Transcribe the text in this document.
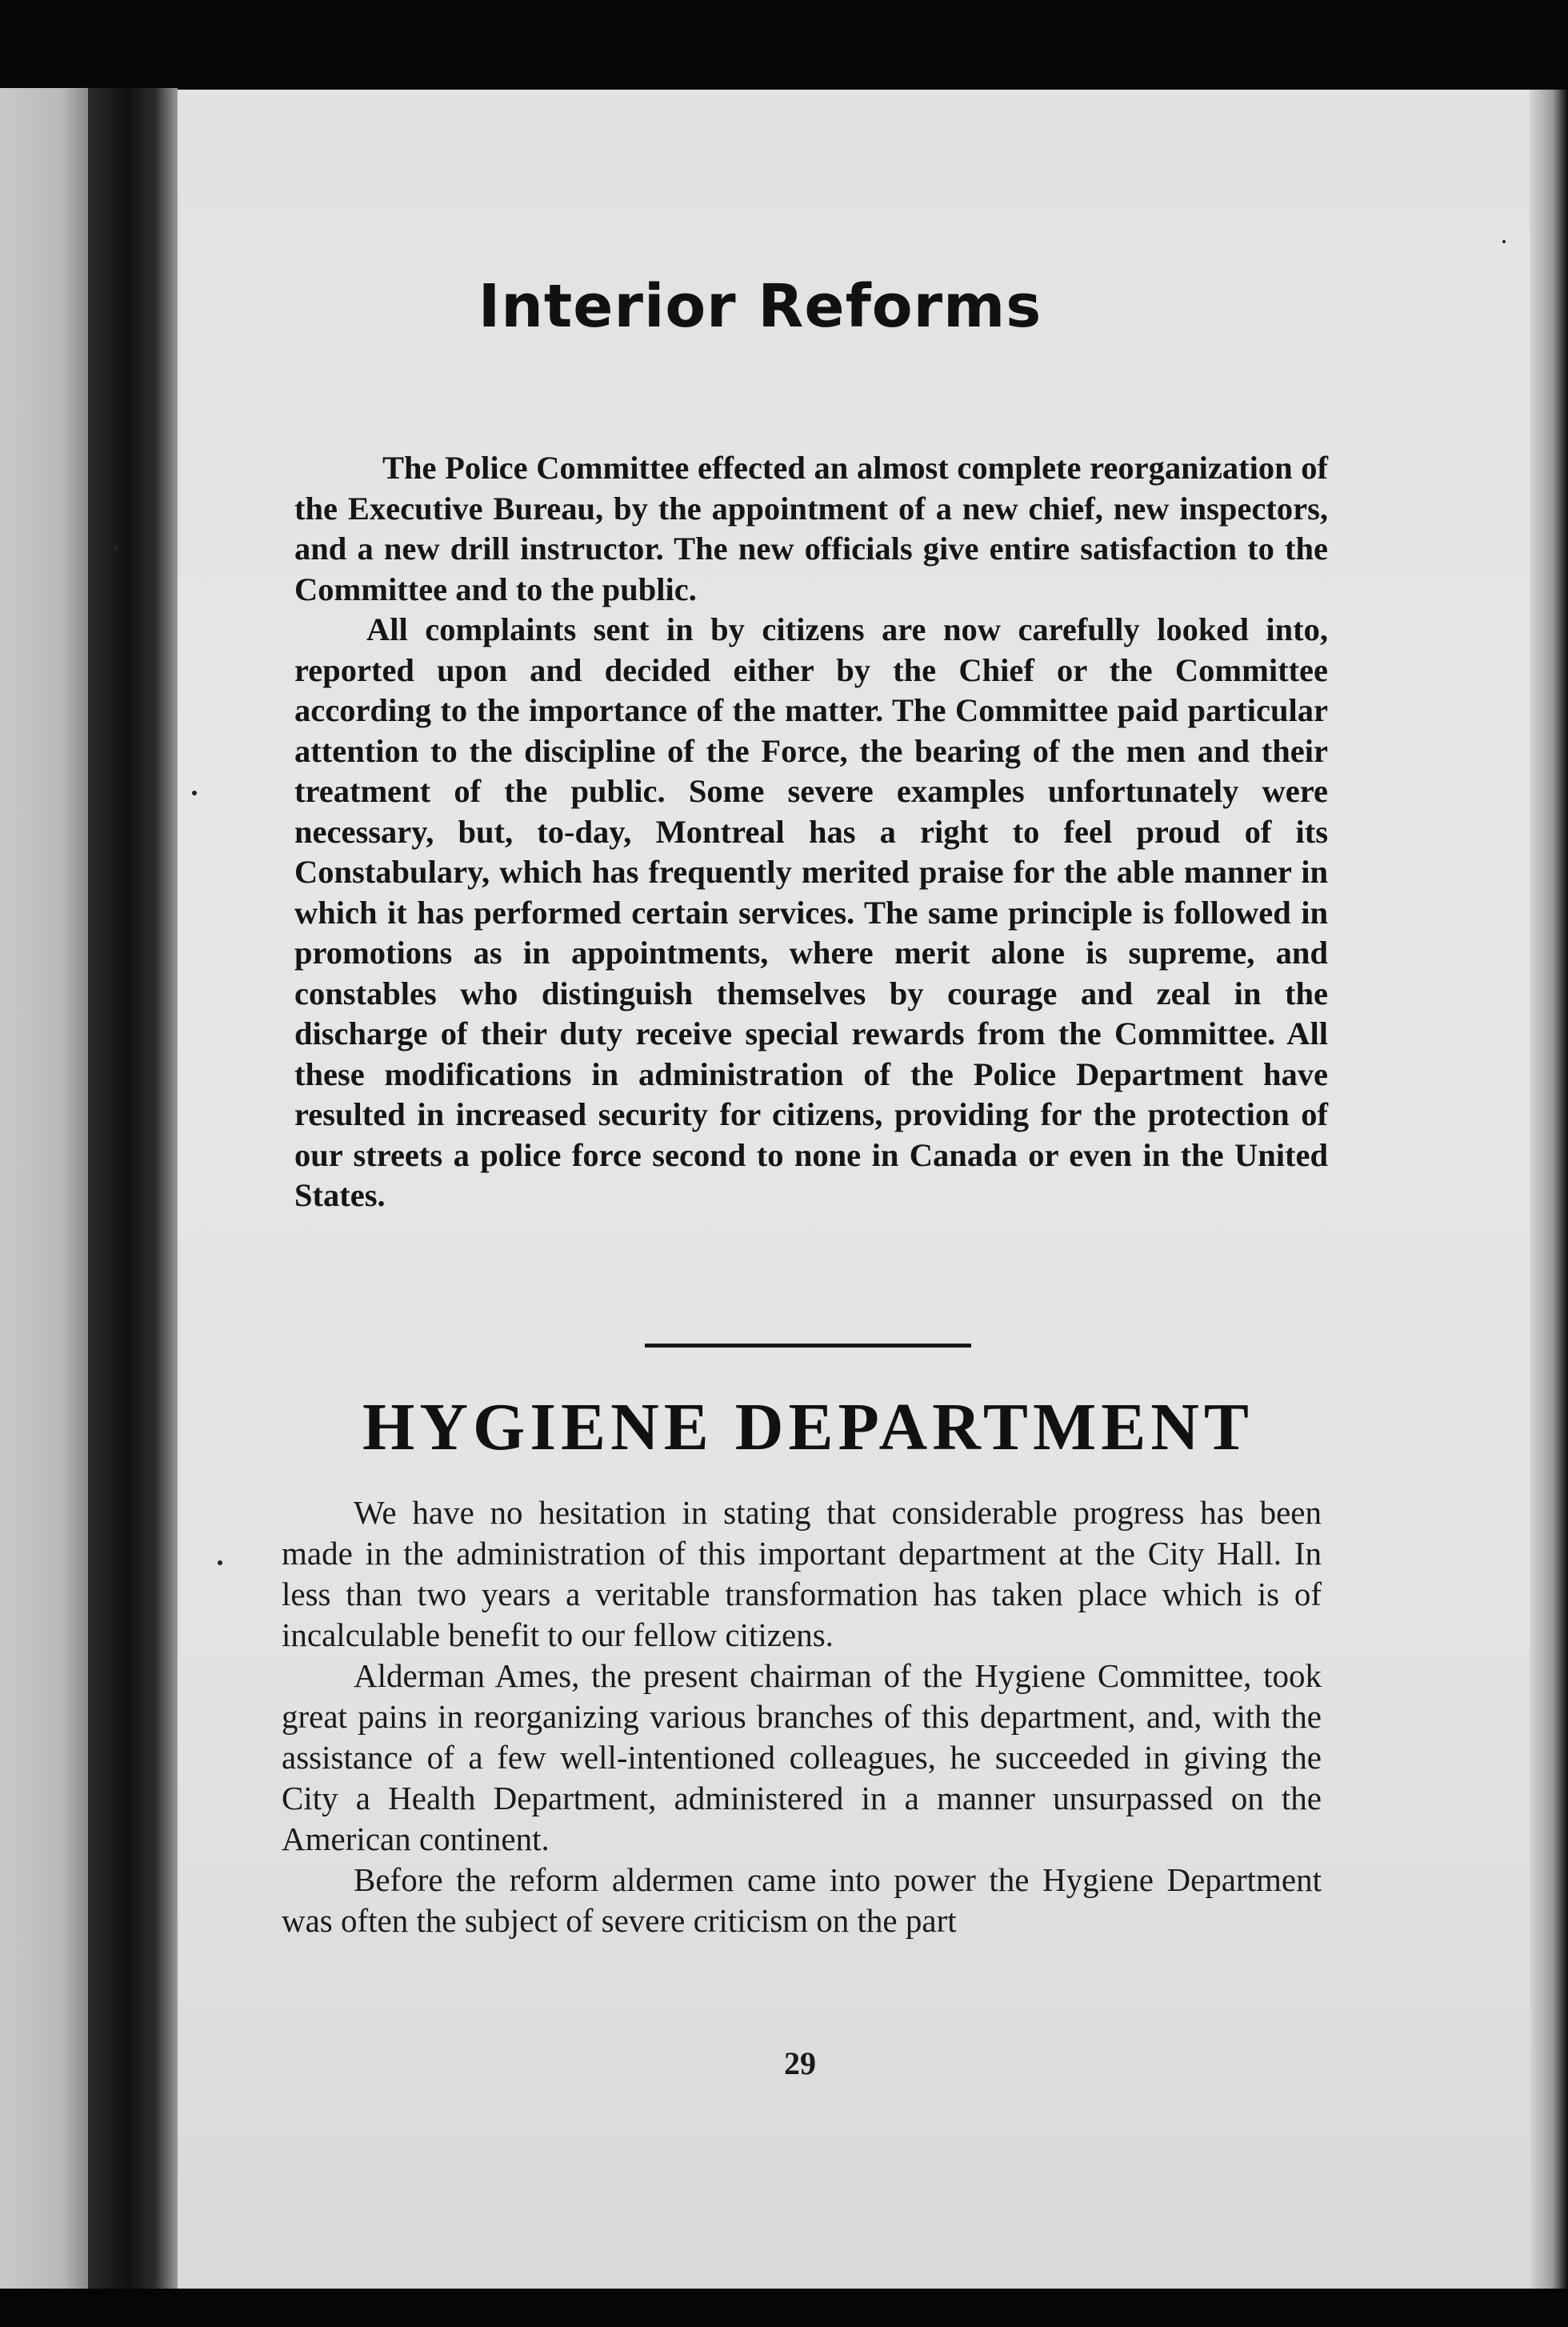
Interior Reforms

The Police Committee effected an almost complete reorganization of the Executive Bureau, by the appointment of a new chief, new inspectors, and a new drill instructor. The new officials give entire satisfaction to the Committee and to the public.

All complaints sent in by citizens are now carefully looked into, reported upon and decided either by the Chief or the Committee according to the importance of the matter. The Committee paid particular attention to the discipline of the Force, the bearing of the men and their treatment of the public. Some severe examples unfortunately were necessary, but, to-day, Montreal has a right to feel proud of its Constabulary, which has frequently merited praise for the able manner in which it has performed certain services. The same principle is followed in promotions as in appointments, where merit alone is supreme, and constables who distinguish themselves by courage and zeal in the discharge of their duty receive special rewards from the Committee. All these modifications in administration of the Police Department have resulted in increased security for citizens, providing for the protection of our streets a police force second to none in Canada or even in the United States.

HYGIENE DEPARTMENT

We have no hesitation in stating that considerable progress has been made in the administration of this important department at the City Hall. In less than two years a veritable transformation has taken place which is of incalculable benefit to our fellow citizens.

Alderman Ames, the present chairman of the Hygiene Committee, took great pains in reorganizing various branches of this department, and, with the assistance of a few well-intentioned colleagues, he succeeded in giving the City a Health Department, administered in a manner unsurpassed on the American continent.

Before the reform aldermen came into power the Hygiene Department was often the subject of severe criticism on the part

29
